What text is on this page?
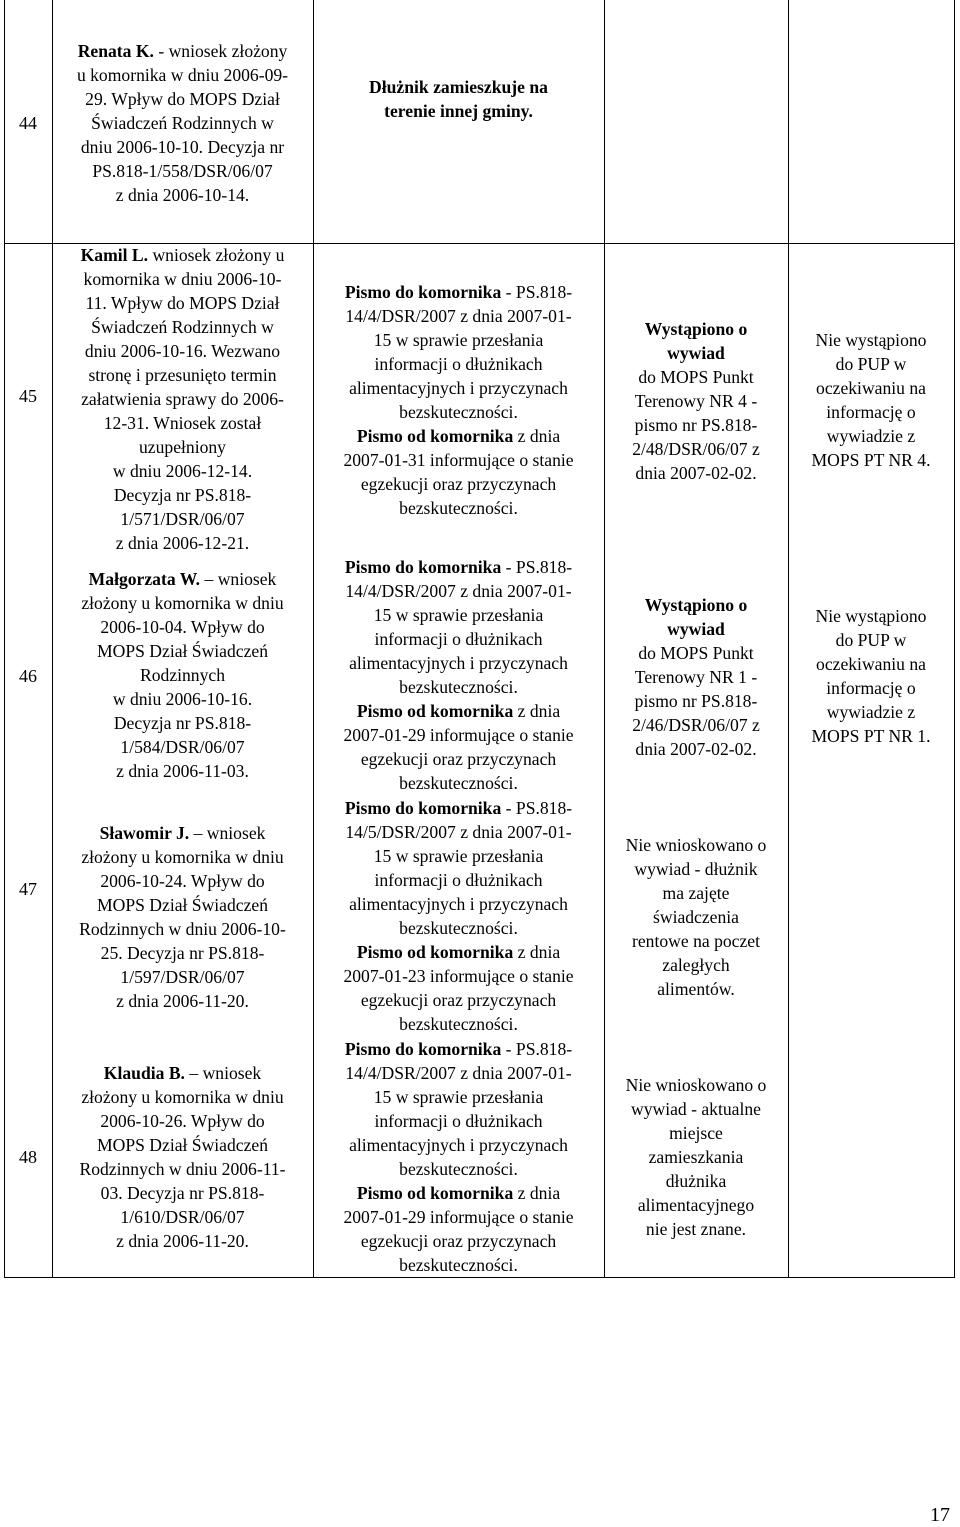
44
Renata K. - wniosek złożony
u komornika w dniu 2006-09-
29. Wpływ do MOPS Dział
Świadczeń Rodzinnych w
dniu 2006-10-10. Decyzja nr
PS.818-1/558/DSR/06/07
z dnia 2006-10-14.
Dłużnik zamieszkuje na
terenie innej gminy.
45
Kamil L. wniosek złożony u
komornika w dniu 2006-10-
11. Wpływ do MOPS Dział
Świadczeń Rodzinnych w
dniu 2006-10-16. Wezwano
stronę i przesunięto termin
załatwienia sprawy do 2006-
12-31. Wniosek został
uzupełniony
w dniu 2006-12-14.
Decyzja nr PS.818-
1/571/DSR/06/07
z dnia 2006-12-21.
Pismo do komornika - PS.818-
14/4/DSR/2007 z dnia 2007-01-
15 w sprawie przesłania
informacji o dłużnikach
alimentacyjnych i przyczynach
bezskuteczności.
Pismo od komornika z dnia
2007-01-31 informujące o stanie
egzekucji oraz przyczynach
bezskuteczności.
Wystąpiono o
wywiad
do MOPS Punkt
Terenowy NR 4 -
pismo nr PS.818-
2/48/DSR/06/07 z
dnia 2007-02-02.
Nie wystąpiono
do PUP w
oczekiwaniu na
informację o
wywiadzie z
MOPS PT NR 4.
46
Małgorzata W. – wniosek
złożony u komornika w dniu
2006-10-04. Wpływ do
MOPS Dział Świadczeń
Rodzinnych
w dniu 2006-10-16.
Decyzja nr PS.818-
1/584/DSR/06/07
z dnia 2006-11-03.
Pismo do komornika - PS.818-
14/4/DSR/2007 z dnia 2007-01-
15 w sprawie przesłania
informacji o dłużnikach
alimentacyjnych i przyczynach
bezskuteczności.
Pismo od komornika z dnia
2007-01-29 informujące o stanie
egzekucji oraz przyczynach
bezskuteczności.
Wystąpiono o
wywiad
do MOPS Punkt
Terenowy NR 1 -
pismo nr PS.818-
2/46/DSR/06/07 z
dnia 2007-02-02.
Nie wystąpiono
do PUP w
oczekiwaniu na
informację o
wywiadzie z
MOPS PT NR 1.
47
Sławomir J. – wniosek
złożony u komornika w dniu
2006-10-24. Wpływ do
MOPS Dział Świadczeń
Rodzinnych w dniu 2006-10-
25. Decyzja nr PS.818-
1/597/DSR/06/07
z dnia 2006-11-20.
Pismo do komornika - PS.818-
14/5/DSR/2007 z dnia 2007-01-
15 w sprawie przesłania
informacji o dłużnikach
alimentacyjnych i przyczynach
bezskuteczności.
Pismo od komornika z dnia
2007-01-23 informujące o stanie
egzekucji oraz przyczynach
bezskuteczności.
Nie wnioskowano o
wywiad - dłużnik
ma zajęte
świadczenia
rentowe na poczet
zaległych
alimentów.
48
Klaudia B. – wniosek
złożony u komornika w dniu
2006-10-26. Wpływ do
MOPS Dział Świadczeń
Rodzinnych w dniu 2006-11-
03. Decyzja nr PS.818-
1/610/DSR/06/07
z dnia 2006-11-20.
Pismo do komornika - PS.818-
14/4/DSR/2007 z dnia 2007-01-
15 w sprawie przesłania
informacji o dłużnikach
alimentacyjnych i przyczynach
bezskuteczności.
Pismo od komornika z dnia
2007-01-29 informujące o stanie
egzekucji oraz przyczynach
bezskuteczności.
Nie wnioskowano o
wywiad - aktualne
miejsce
zamieszkania
dłużnika
alimentacyjnego
nie jest znane.
17
